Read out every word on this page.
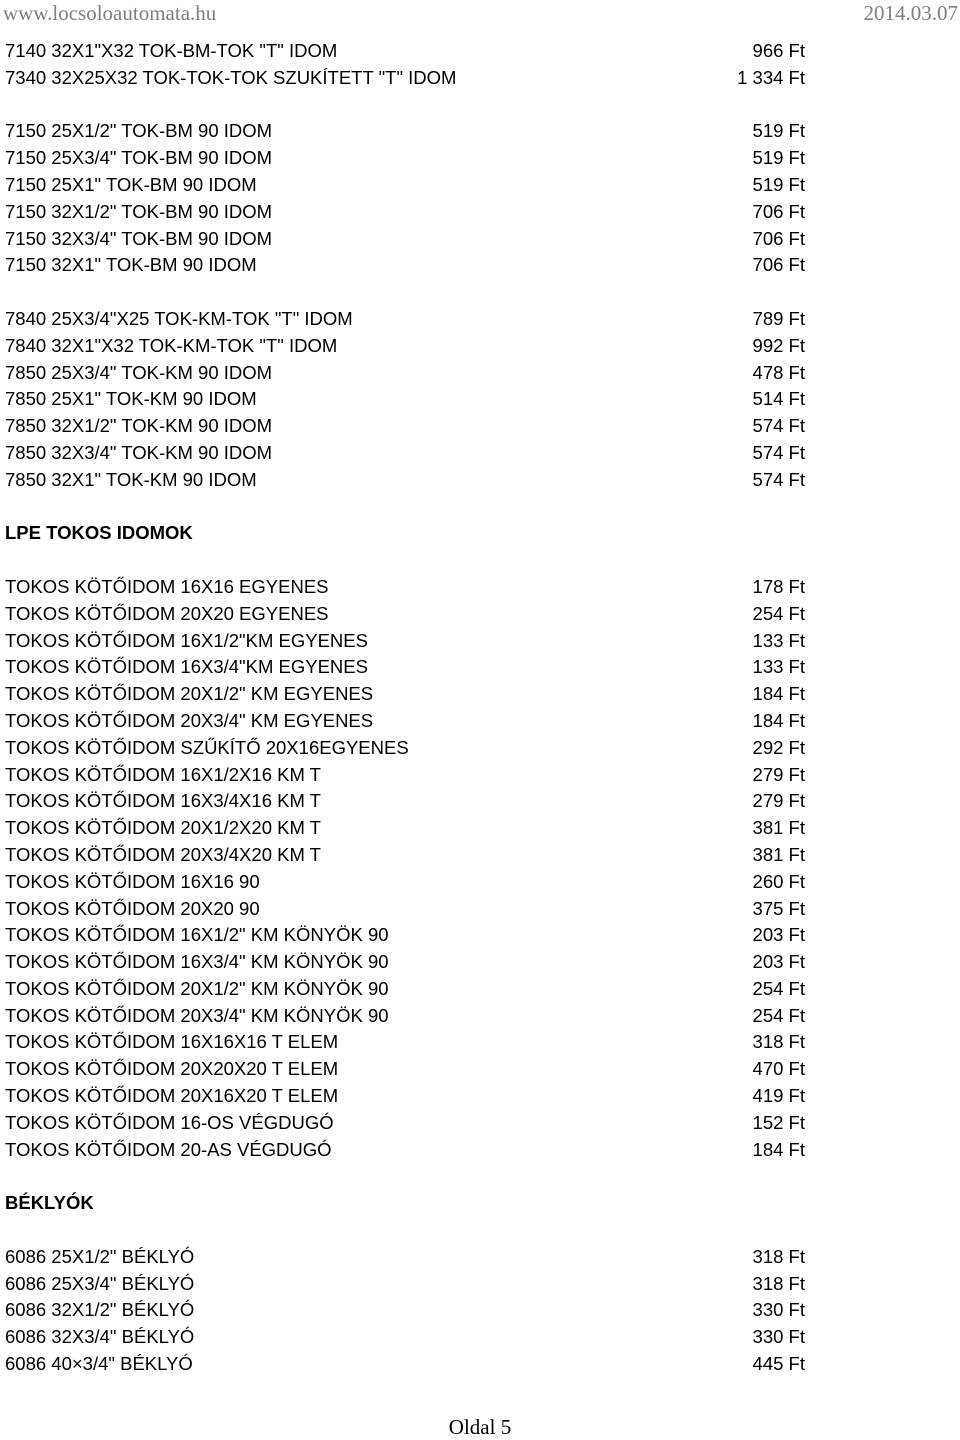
www.locsoloautomata.hu	2014.03.07
7140 32X1"X32 TOK-BM-TOK "T" IDOM	966 Ft
7340 32X25X32 TOK-TOK-TOK SZUKÍTETT "T" IDOM	1 334 Ft
7150 25X1/2" TOK-BM 90 IDOM	519 Ft
7150 25X3/4" TOK-BM 90 IDOM	519 Ft
7150 25X1" TOK-BM 90 IDOM	519 Ft
7150 32X1/2" TOK-BM 90 IDOM	706 Ft
7150 32X3/4" TOK-BM 90 IDOM	706 Ft
7150 32X1" TOK-BM 90 IDOM	706 Ft
7840 25X3/4"X25 TOK-KM-TOK "T" IDOM	789 Ft
7840 32X1"X32 TOK-KM-TOK "T" IDOM	992 Ft
7850 25X3/4" TOK-KM 90 IDOM	478 Ft
7850 25X1" TOK-KM 90 IDOM	514 Ft
7850 32X1/2" TOK-KM 90 IDOM	574 Ft
7850 32X3/4" TOK-KM 90 IDOM	574 Ft
7850 32X1" TOK-KM 90 IDOM	574 Ft
LPE TOKOS IDOMOK
TOKOS KÖTŐIDOM 16X16 EGYENES	178 Ft
TOKOS KÖTŐIDOM 20X20 EGYENES	254 Ft
TOKOS KÖTŐIDOM 16X1/2"KM EGYENES	133 Ft
TOKOS KÖTŐIDOM 16X3/4"KM EGYENES	133 Ft
TOKOS KÖTŐIDOM 20X1/2" KM EGYENES	184 Ft
TOKOS KÖTŐIDOM 20X3/4" KM EGYENES	184 Ft
TOKOS KÖTŐIDOM SZŰKÍTŐ 20X16EGYENES	292 Ft
TOKOS KÖTŐIDOM 16X1/2X16 KM T	279 Ft
TOKOS KÖTŐIDOM 16X3/4X16 KM T	279 Ft
TOKOS KÖTŐIDOM 20X1/2X20 KM T	381 Ft
TOKOS KÖTŐIDOM 20X3/4X20 KM T	381 Ft
TOKOS KÖTŐIDOM 16X16 90	260 Ft
TOKOS KÖTŐIDOM 20X20 90	375 Ft
TOKOS KÖTŐIDOM 16X1/2" KM KÖNYÖK 90	203 Ft
TOKOS KÖTŐIDOM 16X3/4" KM KÖNYÖK 90	203 Ft
TOKOS KÖTŐIDOM 20X1/2" KM KÖNYÖK 90	254 Ft
TOKOS KÖTŐIDOM 20X3/4" KM KÖNYÖK 90	254 Ft
TOKOS KÖTŐIDOM 16X16X16 T ELEM	318 Ft
TOKOS KÖTŐIDOM 20X20X20 T ELEM	470 Ft
TOKOS KÖTŐIDOM 20X16X20 T ELEM	419 Ft
TOKOS KÖTŐIDOM 16-OS VÉGDUGÓ	152 Ft
TOKOS KÖTŐIDOM 20-AS VÉGDUGÓ	184 Ft
BÉKLYÓK
6086 25X1/2" BÉKLYÓ	318 Ft
6086 25X3/4" BÉKLYÓ	318 Ft
6086 32X1/2" BÉKLYÓ	330 Ft
6086 32X3/4" BÉKLYÓ	330 Ft
6086 40×3/4" BÉKLYÓ	445 Ft
Oldal 5
